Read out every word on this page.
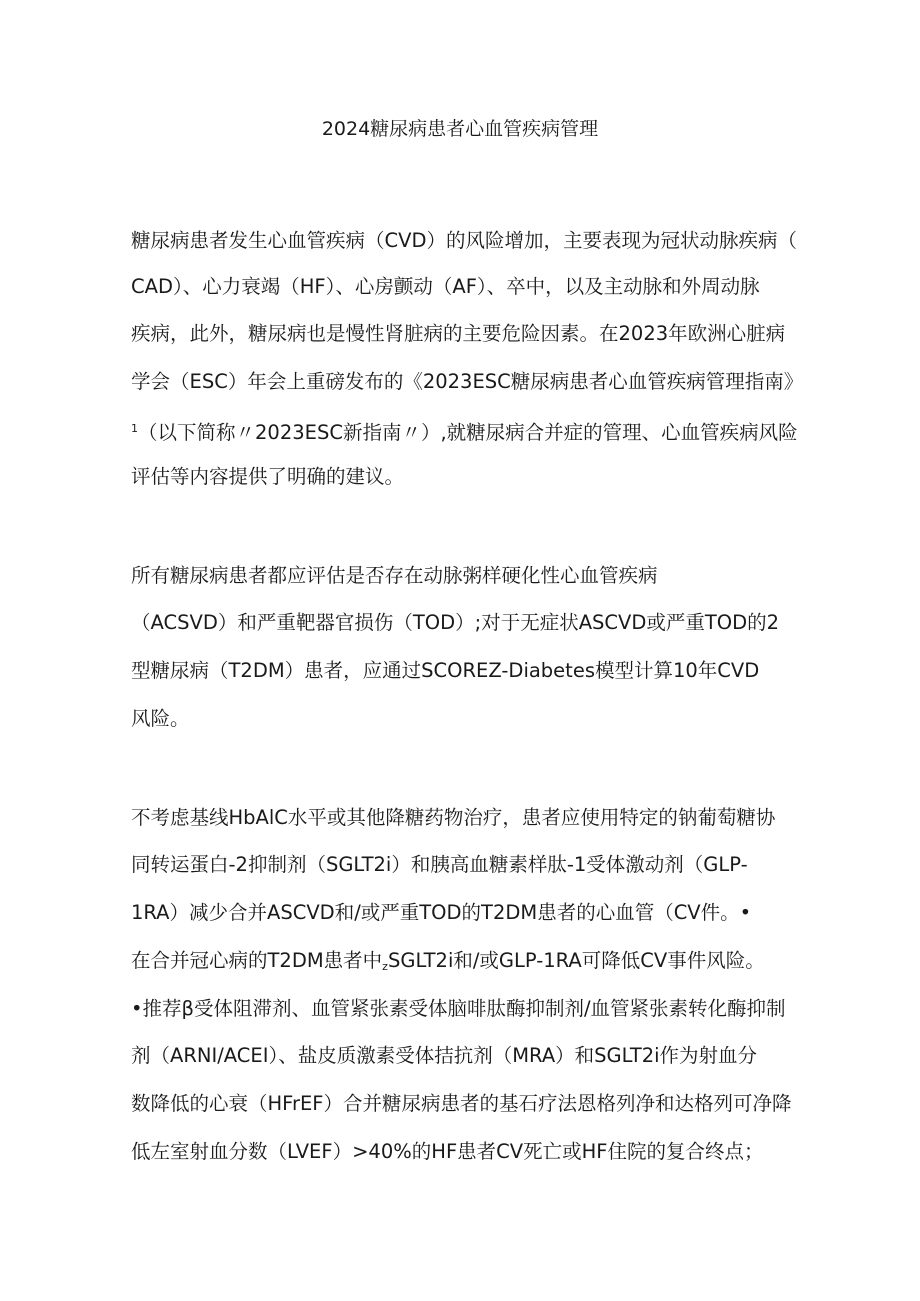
2024糖尿病患者心血管疾病管理
糖尿病患者发生心血管疾病（CVD）的风险增加，主要表现为冠状动脉疾病（
CAD）、心力衰竭（HF）、心房颤动（AF）、卒中，以及主动脉和外周动脉
疾病，此外，糖尿病也是慢性肾脏病的主要危险因素。在2023年欧洲心脏病
学会（ESC）年会上重磅发布的《2023ESC糖尿病患者心血管疾病管理指南》
$^1$（以下简称〃2023ESC新指南〃）,就糖尿病合并症的管理、心血管疾病风险
评估等内容提供了明确的建议。
所有糖尿病患者都应评估是否存在动脉粥样硬化性心血管疾病
（ACSVD）和严重靶器官损伤（TOD）;对于无症状ASCVD或严重TOD的2
型糖尿病（T2DM）患者，应通过SCOREZ-Diabetes模型计算10年CVD
风险。
不考虑基线HbAlC水平或其他降糖药物治疗，患者应使用特定的钠葡萄糖协
同转运蛋白-2抑制剂（SGLT2i）和胰高血糖素样肽-1受体激动剂（GLP-
1RA）减少合并ASCVD和/或严重TOD的T2DM患者的心血管（CV件。•
在合并冠心病的T2DM患者中$_z$SGLT2i和/或GLP-1RA可降低CV事件风险。
•推荐β受体阻滞剂、血管紧张素受体脑啡肽酶抑制剂/血管紧张素转化酶抑制
剂（ARNI/ACEI）、盐皮质激素受体拮抗剂（MRA）和SGLT2i作为射血分
数降低的心衰（HFrEF）合并糖尿病患者的基石疗法恩格列净和达格列可净降
低左室射血分数（LVEF）>40%的HF患者CV死亡或HF住院的复合终点；
